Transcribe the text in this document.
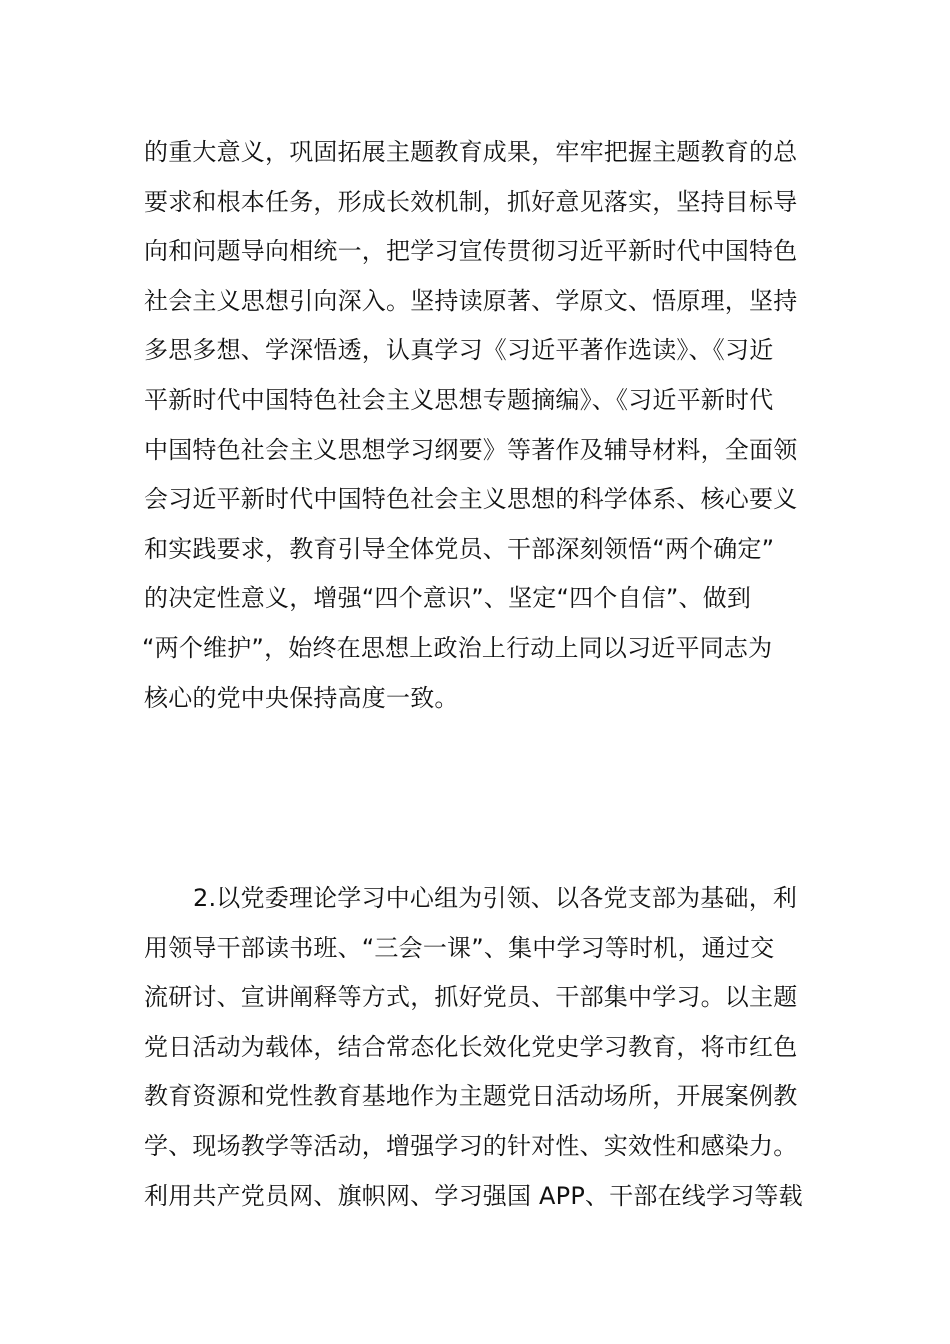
的重大意义，巩固拓展主题教育成果，牢牢把握主题教育的总
要求和根本任务，形成长效机制，抓好意见落实，坚持目标导
向和问题导向相统一，把学习宣传贯彻习近平新时代中国特色
社会主义思想引向深入。坚持读原著、学原文、悟原理，坚持
多思多想、学深悟透，认真学习《习近平著作选读》、《习近
平新时代中国特色社会主义思想专题摘编》、《习近平新时代
中国特色社会主义思想学习纲要》等著作及辅导材料，全面领
会习近平新时代中国特色社会主义思想的科学体系、核心要义
和实践要求，教育引导全体党员、干部深刻领悟“两个确定”
的决定性意义，增强“四个意识”、坚定“四个自信”、做到
“两个维护”，始终在思想上政治上行动上同以习近平同志为
核心的党中央保持高度一致。
2.以党委理论学习中心组为引领、以各党支部为基础，利
用领导干部读书班、“三会一课”、集中学习等时机，通过交
流研讨、宣讲阐释等方式，抓好党员、干部集中学习。以主题
党日活动为载体，结合常态化长效化党史学习教育，将市红色
教育资源和党性教育基地作为主题党日活动场所，开展案例教
学、现场教学等活动，增强学习的针对性、实效性和感染力。
利用共产党员网、旗帜网、学习强国 APP、干部在线学习等载
